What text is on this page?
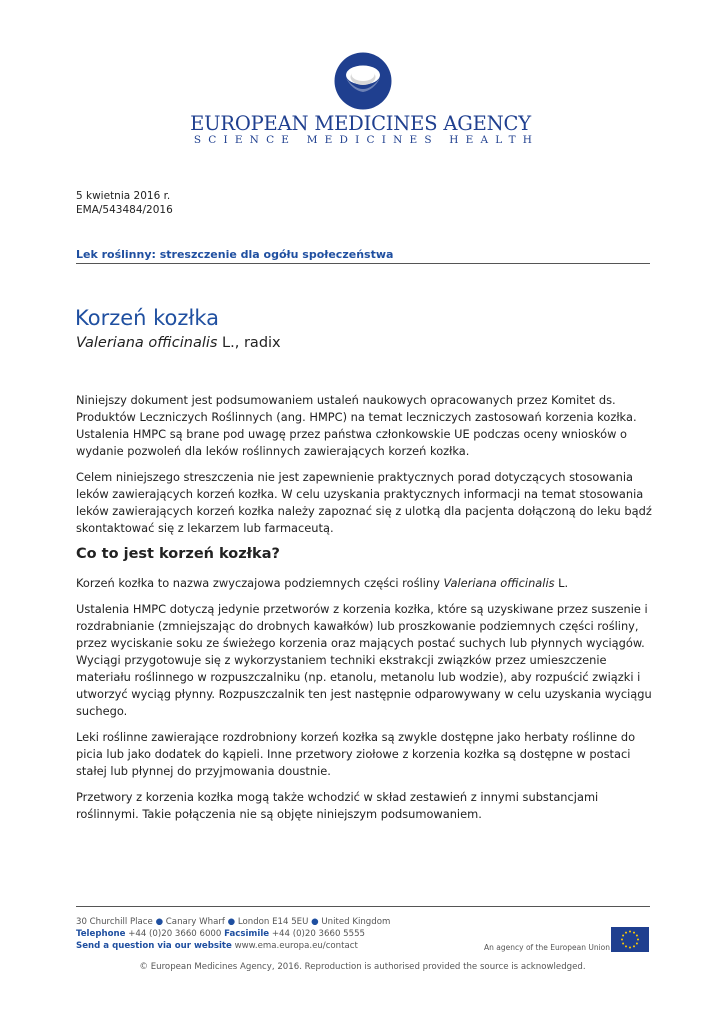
EUROPEAN MEDICINES AGENCY
SCIENCE MEDICINES HEALTH
5 kwietnia 2016 r.
EMA/543484/2016
Lek roślinny: streszczenie dla ogółu społeczeństwa
Korzeń kozłka
Valeriana officinalis L., radix

Niniejszy dokument jest podsumowaniem ustaleń naukowych opracowanych przez Komitet ds. Produktów Leczniczych Roślinnych (ang. HMPC) na temat leczniczych zastosowań korzenia kozłka. Ustalenia HMPC są brane pod uwagę przez państwa członkowskie UE podczas oceny wniosków o wydanie pozwoleń dla leków roślinnych zawierających korzeń kozłka.

Celem niniejszego streszczenia nie jest zapewnienie praktycznych porad dotyczących stosowania leków zawierających korzeń kozłka. W celu uzyskania praktycznych informacji na temat stosowania leków zawierających korzeń kozłka należy zapoznać się z ulotką dla pacjenta dołączoną do leku bądź skontaktować się z lekarzem lub farmaceutą.

Co to jest korzeń kozłka?

Korzeń kozłka to nazwa zwyczajowa podziemnych części rośliny Valeriana officinalis L.

Ustalenia HMPC dotyczą jedynie przetworów z korzenia kozłka, które są uzyskiwane przez suszenie i rozdrabnianie (zmniejszając do drobnych kawałków) lub proszkowanie podziemnych części rośliny, przez wyciskanie soku ze świeżego korzenia oraz mających postać suchych lub płynnych wyciągów. Wyciągi przygotowuje się z wykorzystaniem techniki ekstrakcji związków przez umieszczenie materiału roślinnego w rozpuszczalniku (np. etanolu, metanolu lub wodzie), aby rozpuścić związki i utworzyć wyciąg płynny. Rozpuszczalnik ten jest następnie odparowywany w celu uzyskania wyciągu suchego.

Leki roślinne zawierające rozdrobniony korzeń kozłka są zwykle dostępne jako herbaty roślinne do picia lub jako dodatek do kąpieli. Inne przetwory ziołowe z korzenia kozłka są dostępne w postaci stałej lub płynnej do przyjmowania doustnie.

Przetwory z korzenia kozłka mogą także wchodzić w skład zestawień z innymi substancjami roślinnymi. Takie połączenia nie są objęte niniejszym podsumowaniem.

30 Churchill Place ● Canary Wharf ● London E14 5EU ● United Kingdom
Telephone +44 (0)20 3660 6000 Facsimile +44 (0)20 3660 5555
Send a question via our website www.ema.europa.eu/contact	An agency of the European Union
© European Medicines Agency, 2016. Reproduction is authorised provided the source is acknowledged.
